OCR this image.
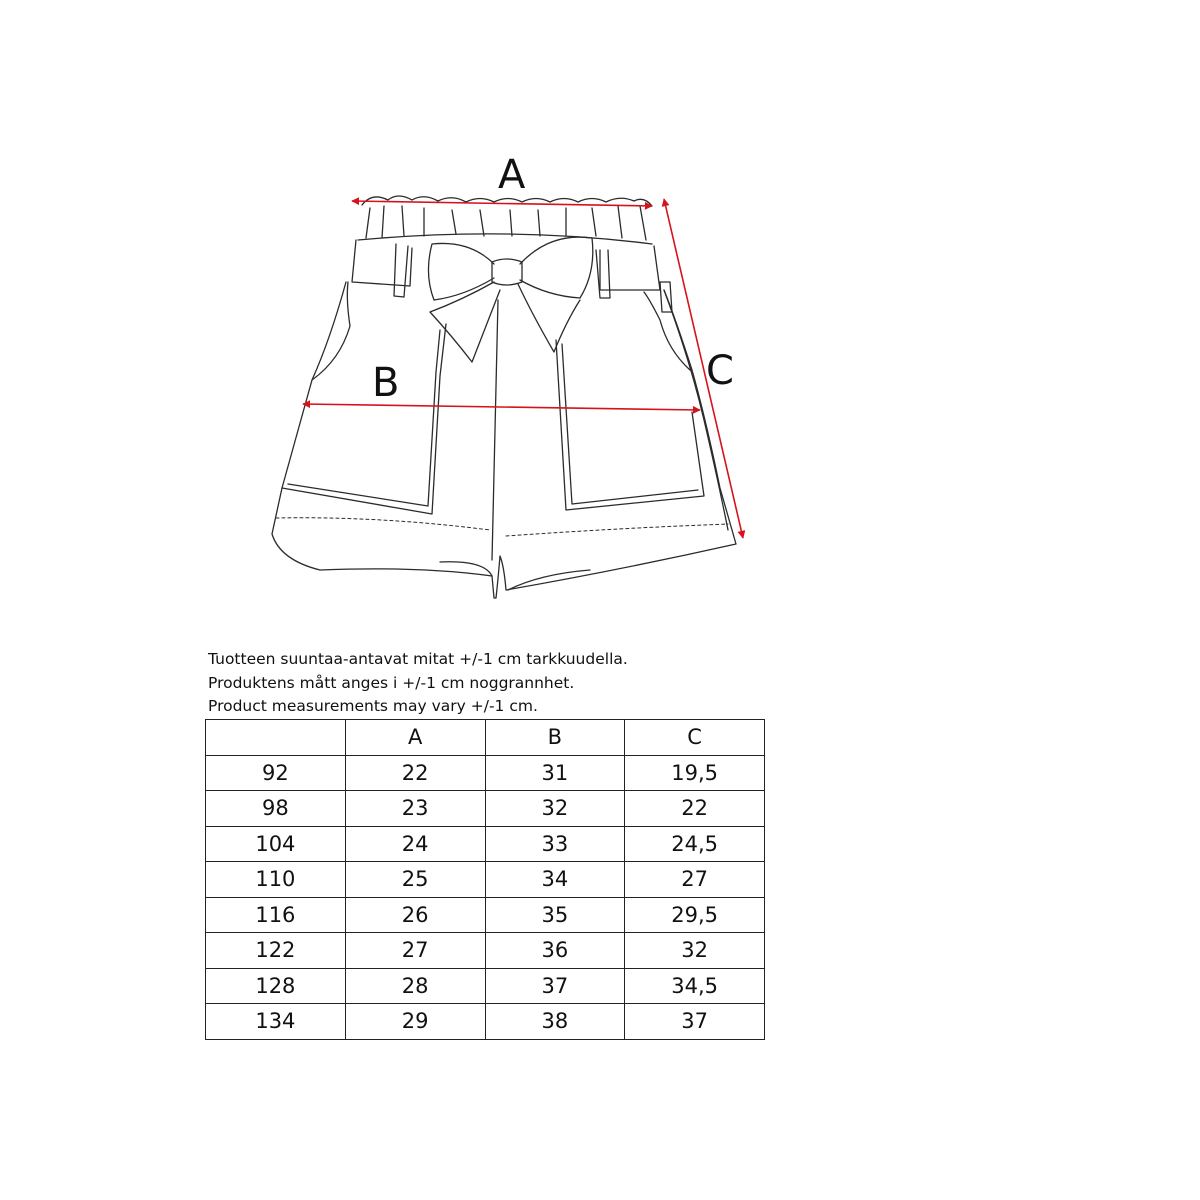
A
B	C
Tuotteen suuntaa-antavat mitat +/-1 cm tarkkuudella.
Produktens mått anges i +/-1 cm noggrannhet.
Product measurements may vary +/-1 cm.
	A	B	C
92	22	31	19,5
98	23	32	22
104	24	33	24,5
110	25	34	27
116	26	35	29,5
122	27	36	32
128	28	37	34,5
134	29	38	37
